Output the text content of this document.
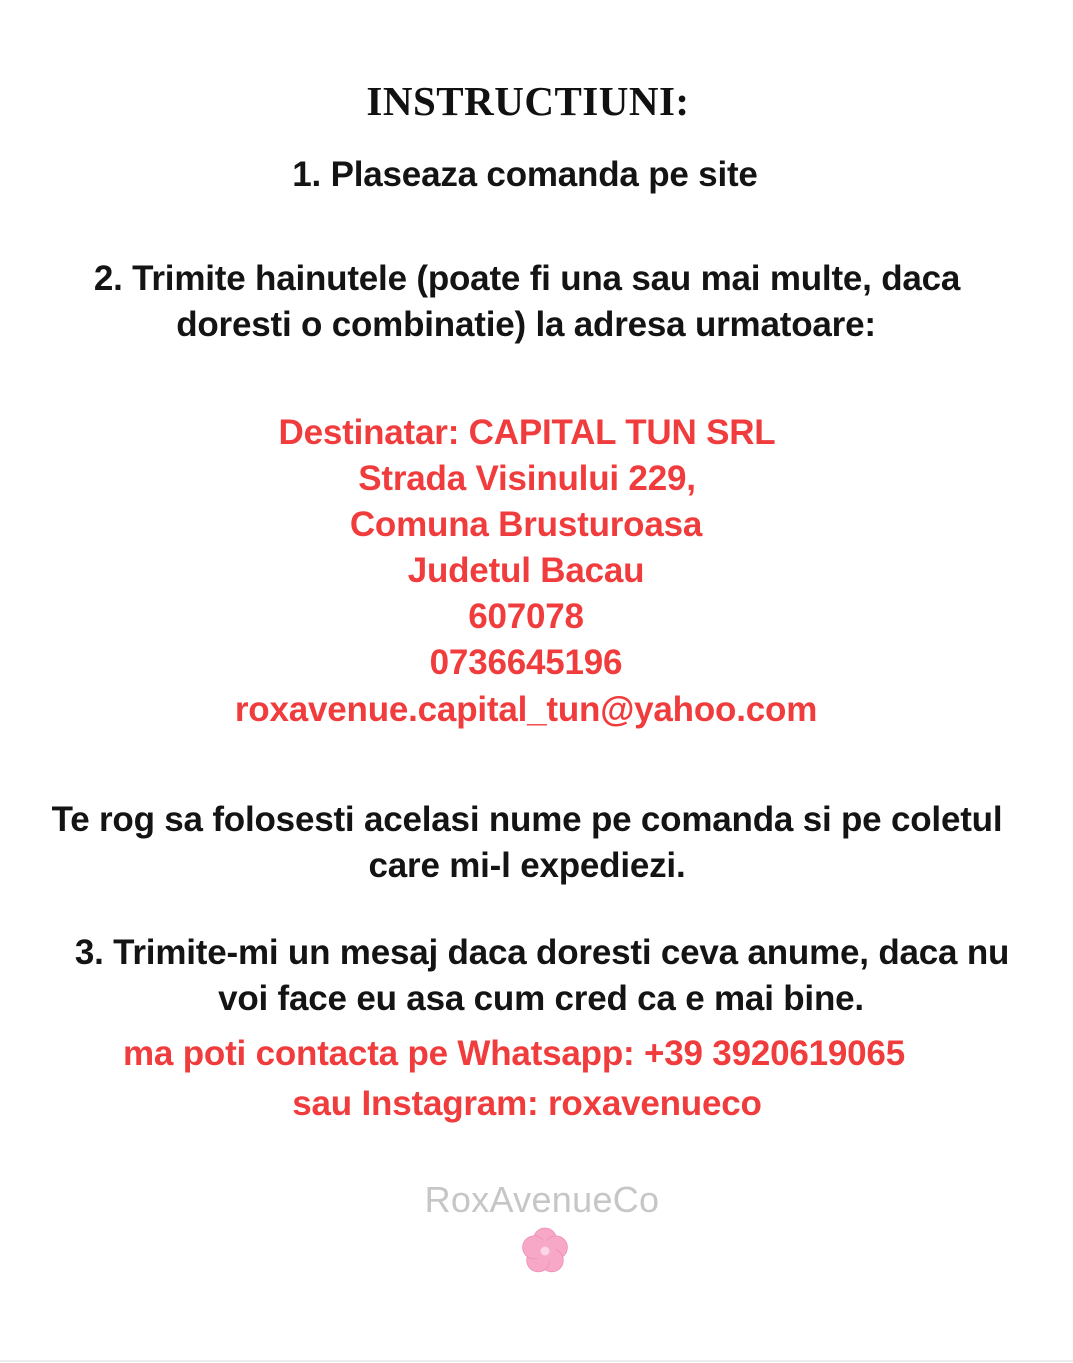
INSTRUCTIUNI:
1. Plaseaza comanda pe site
2. Trimite hainutele (poate fi una sau mai multe, daca
doresti o combinatie) la adresa urmatoare:
Destinatar: CAPITAL TUN SRL
Strada Visinului 229,
Comuna Brusturoasa
Judetul Bacau
607078
0736645196
roxavenue.capital_tun@yahoo.com
Te rog sa folosesti acelasi nume pe comanda si pe coletul
care mi-l expediezi.
3. Trimite-mi un mesaj daca doresti ceva anume, daca nu
voi face eu asa cum cred ca e mai bine.
ma poti contacta pe Whatsapp: +39 3920619065
sau Instagram: roxavenueco
RoxAvenueCo
